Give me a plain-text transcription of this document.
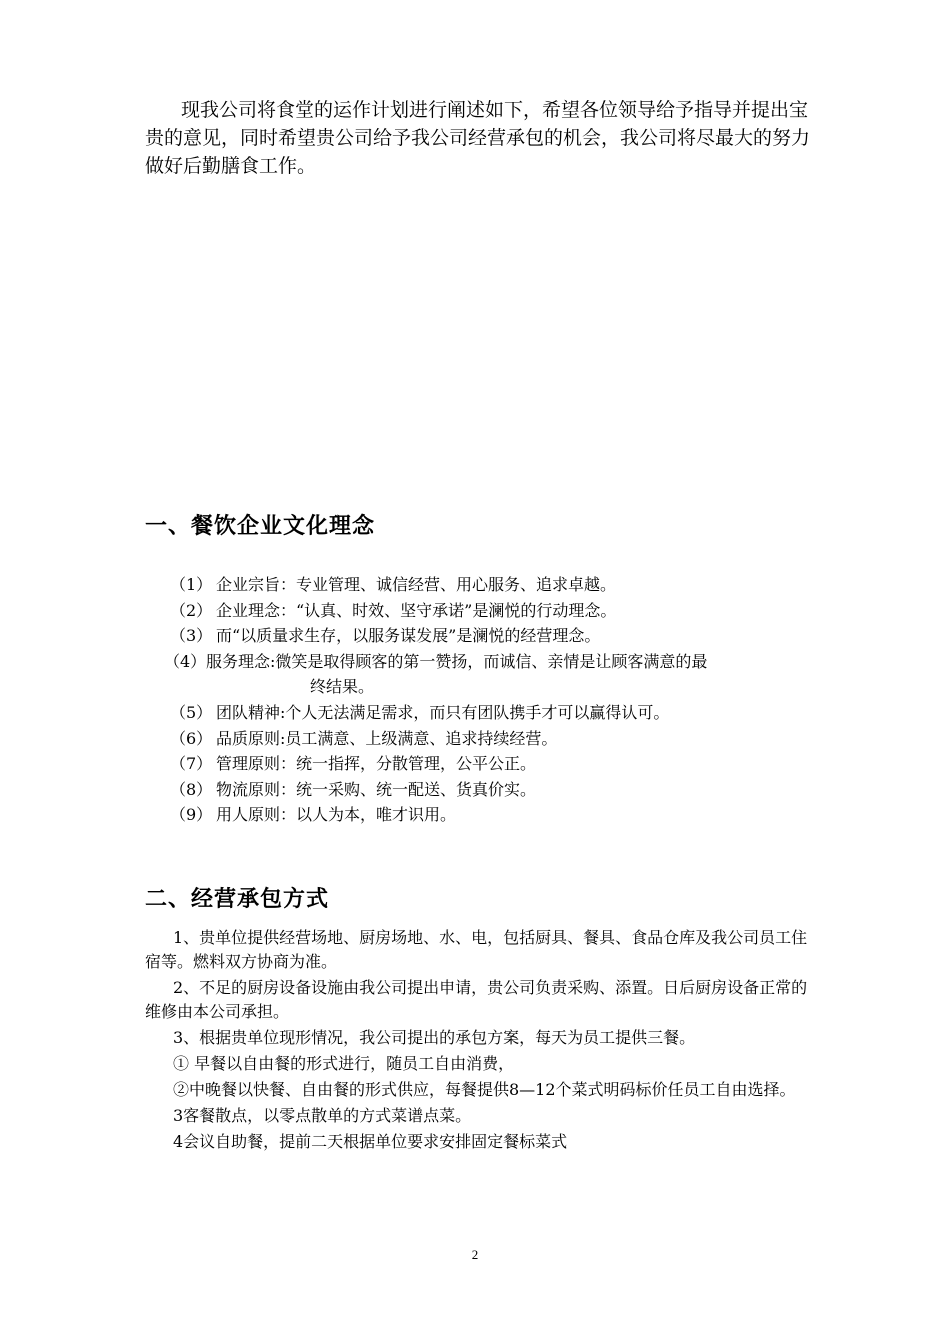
现我公司将食堂的运作计划进行阐述如下，希望各位领导给予指导并提出宝贵的意见，同时希望贵公司给予我公司经营承包的机会，我公司将尽最大的努力做好后勤膳食工作。

一、餐饮企业文化理念
（1） 企业宗旨：专业管理、诚信经营、用心服务、追求卓越。
（2） 企业理念：“认真、时效、坚守承诺”是澜悦的行动理念。
（3） 而“以质量求生存，以服务谋发展”是澜悦的经营理念。
（4）服务理念:微笑是取得顾客的第一赞扬，而诚信、亲情是让顾客满意的最
终结果。
（5） 团队精神:个人无法满足需求，而只有团队携手才可以赢得认可。
（6） 品质原则:员工满意、上级满意、追求持续经营。
（7） 管理原则：统一指挥，分散管理，公平公正。
（8） 物流原则：统一采购、统一配送、货真价实。
（9） 用人原则：以人为本，唯才识用。
二、经营承包方式

1、贵单位提供经营场地、厨房场地、水、电，包括厨具、餐具、食品仓库及我公司员工住宿等。燃料双方协商为准。

2、不足的厨房设备设施由我公司提出申请，贵公司负责采购、添置。日后厨房设备正常的维修由本公司承担。

3、根据贵单位现形情况，我公司提出的承包方案，每天为员工提供三餐。

① 早餐以自由餐的形式进行，随员工自由消费，

②中晚餐以快餐、自由餐的形式供应，每餐提供8—12个菜式明码标价任员工自由选择。

3客餐散点，以零点散单的方式菜谱点菜。

4会议自助餐，提前二天根据单位要求安排固定餐标菜式

2
